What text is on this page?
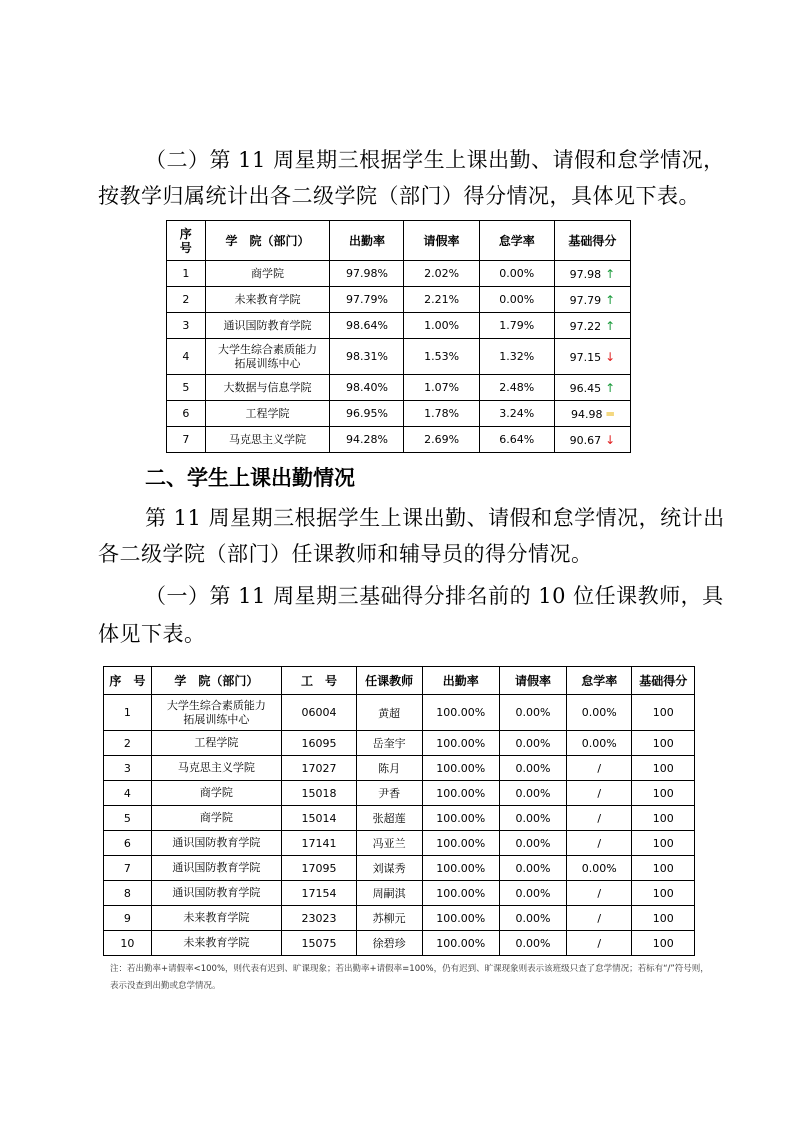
（二）第 11 周星期三根据学生上课出勤、请假和怠学情况，

按教学归属统计出各二级学院（部门）得分情况，具体见下表。

序
号	学　院（部门）	出勤率	请假率	怠学率	基础得分
1	商学院	97.98%	2.02%	0.00%	97.98 ↑
2	未来教育学院	97.79%	2.21%	0.00%	97.79 ↑
3	通识国防教育学院	98.64%	1.00%	1.79%	97.22 ↑
4	大学生综合素质能力拓展训练中心	98.31%	1.53%	1.32%	97.15 ↓
5	大数据与信息学院	98.40%	1.07%	2.48%	96.45 ↑
6	工程学院	96.95%	1.78%	3.24%	94.98 ═
7	马克思主义学院	94.28%	2.69%	6.64%	90.67 ↓

二、学生上课出勤情况

第 11 周星期三根据学生上课出勤、请假和怠学情况，统计出

各二级学院（部门）任课教师和辅导员的得分情况。

（一）第 11 周星期三基础得分排名前的 10 位任课教师，具

体见下表。

序　号	学　院（部门）	工　号	任课教师	出勤率	请假率	怠学率	基础得分
1	大学生综合素质能力拓展训练中心	06004	黄超	100.00%	0.00%	0.00%	100
2	工程学院	16095	岳奎宇	100.00%	0.00%	0.00%	100
3	马克思主义学院	17027	陈月	100.00%	0.00%	/	100
4	商学院	15018	尹香	100.00%	0.00%	/	100
5	商学院	15014	张超莲	100.00%	0.00%	/	100
6	通识国防教育学院	17141	冯亚兰	100.00%	0.00%	/	100
7	通识国防教育学院	17095	刘谋秀	100.00%	0.00%	0.00%	100
8	通识国防教育学院	17154	周嗣淇	100.00%	0.00%	/	100
9	未来教育学院	23023	苏柳元	100.00%	0.00%	/	100
10	未来教育学院	15075	徐碧珍	100.00%	0.00%	/	100

注：若出勤率+请假率<100%，则代表有迟到、旷课现象；若出勤率+请假率=100%，仍有迟到、旷课现象则表示该班级只查了怠学情况；若标有“/”符号则，表示没查到出勤或怠学情况。
